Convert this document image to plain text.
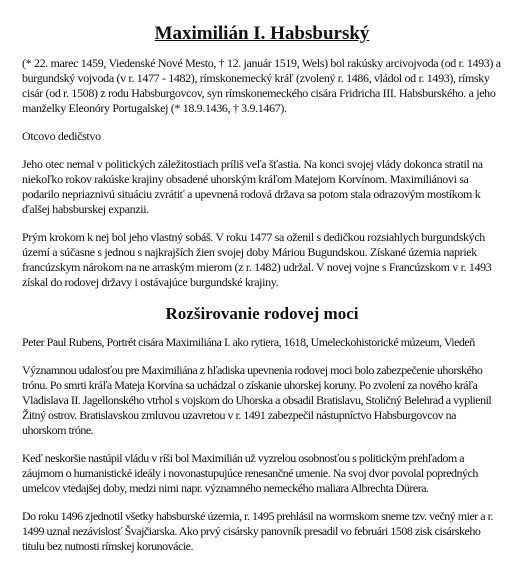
Maximilián I. Habsburský

(* 22. marec 1459, Viedenské Nové Mesto, † 12. január 1519, Wels) bol rakúsky arcivojvoda (od r. 1493) a burgundský vojvoda (v r. 1477 - 1482), rímskonemecký kráľ (zvolený r. 1486, vládol od r. 1493), rímsky cisár (od r. 1508) z rodu Habsburgovcov, syn rímskonemeckého cisára Fridricha III. Habsburského. a jeho manželky Eleonóry Portugalskej (* 18.9.1436, † 3.9.1467).

Otcovo dedičstvo

Jeho otec nemal v politických záležitostiach príliš veľa šťastia. Na konci svojej vlády dokonca stratil na niekoľko rokov rakúske krajiny obsadené uhorským kráľom Matejom Korvínom. Maximiliánovi sa podarilo nepriaznivú situáciu zvrátiť a upevnená rodová država sa potom stala odrazovým mostíkom k ďalšej habsburskej expanzii.

Prým krokom k nej bol jeho vlastný sobáš. V roku 1477 sa oženil s dedičkou rozsiahlych burgundských území a súčasne s jednou s najkrajších žien svojej doby Máriou Bugundskou. Získané územia napriek francúzskym nárokom na ne arraským mierom (z r. 1482) udržal. V novej vojne s Francúzskom v r. 1493 získal do rodovej državy i ostávajúce burgundské krajiny.

Rozširovanie rodovej moci

Peter Paul Rubens, Portrét cisára Maximiliána I. ako rytiera, 1618, Umeleckohistorické múzeum, Viedeň

Významnou udalosťou pre Maximiliána z hľadiska upevnenia rodovej moci bolo zabezpečenie uhorského trónu. Po smrti kráľa Mateja Korvína sa uchádzal o získanie uhorskej koruny. Po zvolení za nového kráľa Vladislava II. Jagellonského vtrhol s vojskom do Uhorska a obsadil Bratislavu, Stoličný Belehrad a vyplienil Žitný ostrov. Bratislavskou zmluvou uzavretou v r. 1491 zabezpečil nástupníctvo Habsburgovcov na uhorskom tróne.

Keď neskoršie nastúpil vládu v ríši bol Maximilián už vyzrelou osobnosťou s politickým prehľadom a záujmom o humanistické ideály i novonastupujúce renesančné umenie. Na svoj dvor povolal popredných umelcov vtedajšej doby, medzi nimi napr. významného nemeckého maliara Albrechta Dürera.

Do roku 1496 zjednotil všetky habsburské územia, r. 1495 prehlásil na wormskom sneme tzv. večný mier a r. 1499 uznal nezávislosť Švajčiarska. Ako prvý cisársky panovník presadil vo februári 1508 zisk cisárskeho titulu bez nutnosti rímskej korunovácie.
